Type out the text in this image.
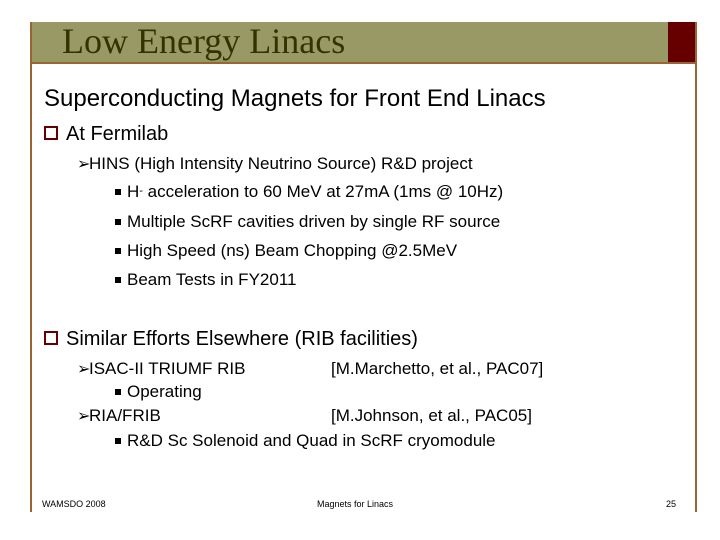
Low Energy Linacs
Superconducting Magnets for Front End Linacs
At Fermilab
➢
HINS (High Intensity Neutrino Source) R&D project
H- acceleration to 60 MeV at 27mA (1ms @ 10Hz)
Multiple ScRF cavities driven by single RF source
High Speed (ns) Beam Chopping @2.5MeV
Beam Tests in FY2011
Similar Efforts Elsewhere (RIB facilities)
➢
ISAC-II TRIUMF RIB	[M.Marchetto, et al., PAC07]
Operating
➢
RIA/FRIB	[M.Johnson, et al., PAC05]
R&D Sc Solenoid and Quad in ScRF cryomodule
WAMSDO 2008	Magnets for Linacs	25
